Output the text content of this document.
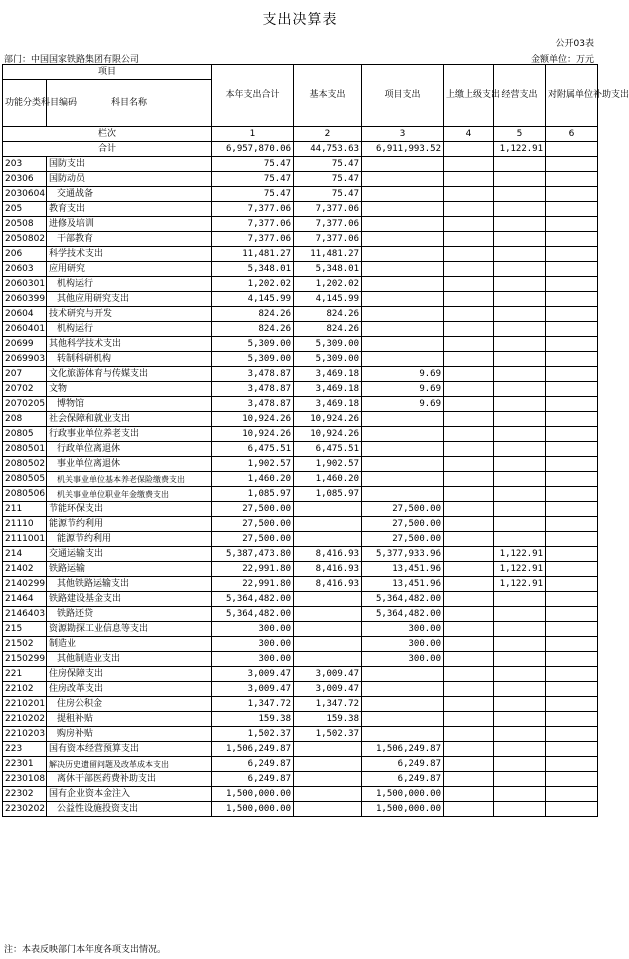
支出决算表
公开03表
部门：中国国家铁路集团有限公司	金额单位：万元
项目		本年支出合计	基本支出	项目支出	上缴上级支出	经营支出	对附属单位补助支出
功能分类科目编码	科目名称						
栏次		1	2	3	4	5	6
合计		6,957,870.06	44,753.63	6,911,993.52		1,122.91	
203	国防支出	75.47	75.47				
20306	国防动员	75.47	75.47				
2030604	交通战备	75.47	75.47				
205	教育支出	7,377.06	7,377.06				
20508	进修及培训	7,377.06	7,377.06				
2050802	干部教育	7,377.06	7,377.06				
206	科学技术支出	11,481.27	11,481.27				
20603	应用研究	5,348.01	5,348.01				
2060301	机构运行	1,202.02	1,202.02				
2060399	其他应用研究支出	4,145.99	4,145.99				
20604	技术研究与开发	824.26	824.26				
2060401	机构运行	824.26	824.26				
20699	其他科学技术支出	5,309.00	5,309.00				
2069903	转制科研机构	5,309.00	5,309.00				
207	文化旅游体育与传媒支出	3,478.87	3,469.18	9.69			
20702	文物	3,478.87	3,469.18	9.69			
2070205	博物馆	3,478.87	3,469.18	9.69			
208	社会保障和就业支出	10,924.26	10,924.26				
20805	行政事业单位养老支出	10,924.26	10,924.26				
2080501	行政单位离退休	6,475.51	6,475.51				
2080502	事业单位离退休	1,902.57	1,902.57				
2080505	机关事业单位基本养老保险缴费支出	1,460.20	1,460.20				
2080506	机关事业单位职业年金缴费支出	1,085.97	1,085.97				
211	节能环保支出	27,500.00		27,500.00			
21110	能源节约利用	27,500.00		27,500.00			
2111001	能源节约利用	27,500.00		27,500.00			
214	交通运输支出	5,387,473.80	8,416.93	5,377,933.96		1,122.91	
21402	铁路运输	22,991.80	8,416.93	13,451.96		1,122.91	
2140299	其他铁路运输支出	22,991.80	8,416.93	13,451.96		1,122.91	
21464	铁路建设基金支出	5,364,482.00		5,364,482.00			
2146403	铁路还贷	5,364,482.00		5,364,482.00			
215	资源勘探工业信息等支出	300.00		300.00			
21502	制造业	300.00		300.00			
2150299	其他制造业支出	300.00		300.00			
221	住房保障支出	3,009.47	3,009.47				
22102	住房改革支出	3,009.47	3,009.47				
2210201	住房公积金	1,347.72	1,347.72				
2210202	提租补贴	159.38	159.38				
2210203	购房补贴	1,502.37	1,502.37				
223	国有资本经营预算支出	1,506,249.87		1,506,249.87			
22301	解决历史遗留问题及改革成本支出	6,249.87		6,249.87			
2230108	离休干部医药费补助支出	6,249.87		6,249.87			
22302	国有企业资本金注入	1,500,000.00		1,500,000.00			
2230202	公益性设施投资支出	1,500,000.00		1,500,000.00			
注：本表反映部门本年度各项支出情况。
